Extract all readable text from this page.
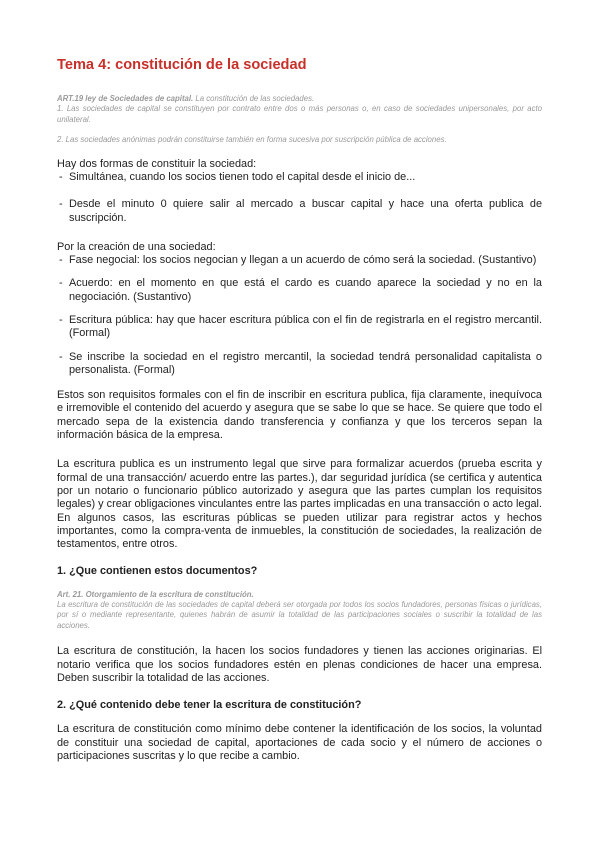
Tema 4: constitución de la sociedad

ART.19 ley de Sociedades de capital. La constitución de las sociedades.

1. Las sociedades de capital se constituyen por contrato entre dos o más personas o, en caso de sociedades unipersonales, por acto unilateral.

2. Las sociedades anónimas podrán constituirse también en forma sucesiva por suscripción pública de acciones.

Hay dos formas de constituir la sociedad:

- Simultánea, cuando los socios tienen todo el capital desde el inicio de...
- Desde el minuto 0 quiere salir al mercado a buscar capital y hace una oferta publica de suscripción.

Por la creación de una sociedad:

- Fase negocial: los socios negocian y llegan a un acuerdo de cómo será la sociedad. (Sustantivo)
- Acuerdo: en el momento en que está el cardo es cuando aparece la sociedad y no en la negociación. (Sustantivo)
- Escritura pública: hay que hacer escritura pública con el fin de registrarla en el registro mercantil. (Formal)
- Se inscribe la sociedad en el registro mercantil, la sociedad tendrá personalidad capitalista o personalista. (Formal)
Estos son requisitos formales con el fin de inscribir en escritura publica, fija claramente, inequívoca e irremovible el contenido del acuerdo y asegura que se sabe lo que se hace. Se quiere que todo el mercado sepa de la existencia dando transferencia y confianza y que los terceros sepan la información básica de la empresa.
La escritura publica es un instrumento legal que sirve para formalizar acuerdos (prueba escrita y formal de una transacción/ acuerdo entre las partes.), dar seguridad jurídica (se certifica y autentica por un notario o funcionario público autorizado y asegura que las partes cumplan los requisitos legales) y crear obligaciones vinculantes entre las partes implicadas en una transacción o acto legal. En algunos casos, las escrituras públicas se pueden utilizar para registrar actos y hechos importantes, como la compra-venta de inmuebles, la constitución de sociedades, la realización de testamentos, entre otros.

1. ¿Que contienen estos documentos?

Art. 21. Otorgamiento de la escritura de constitución.

La escritura de constitución de las sociedades de capital deberá ser otorgada por todos los socios fundadores, personas físicas o jurídicas, por sí o mediante representante, quienes habrán de asumir la totalidad de las participaciones sociales o suscribir la totalidad de las acciones.

La escritura de constitución, la hacen los socios fundadores y tienen las acciones originarias. El notario verifica que los socios fundadores estén en plenas condiciones de hacer una empresa. Deben suscribir la totalidad de las acciones.

2. ¿Qué contenido debe tener la escritura de constitución?

La escritura de constitución como mínimo debe contener la identificación de los socios, la voluntad de constituir una sociedad de capital, aportaciones de cada socio y el número de acciones o participaciones suscritas y lo que recibe a cambio.
